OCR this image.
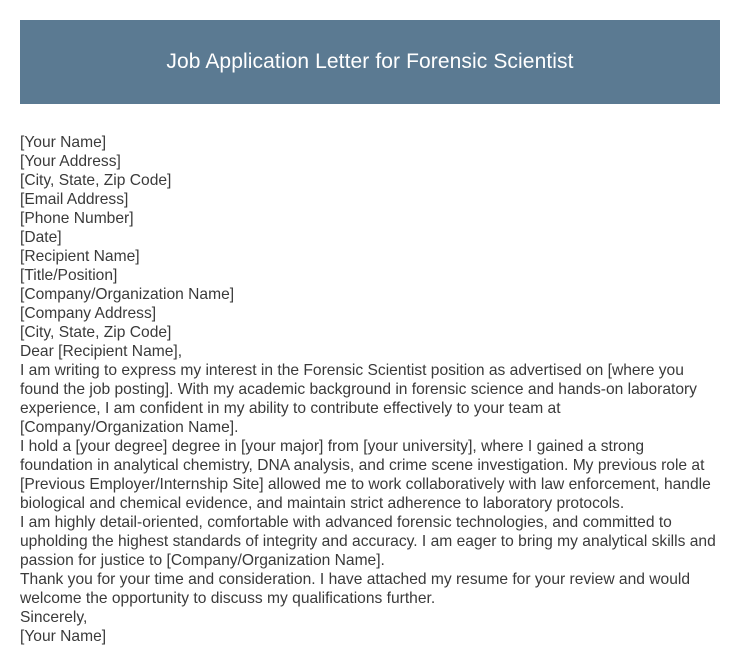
Job Application Letter for Forensic Scientist

[Your Name]

[Your Address]

[City, State, Zip Code]

[Email Address]

[Phone Number]

[Date]

[Recipient Name]

[Title/Position]

[Company/Organization Name]

[Company Address]

[City, State, Zip Code]

Dear [Recipient Name],

I am writing to express my interest in the Forensic Scientist position as advertised on [where you found the job posting]. With my academic background in forensic science and hands-on laboratory experience, I am confident in my ability to contribute effectively to your team at [Company/Organization Name].

I hold a [your degree] degree in [your major] from [your university], where I gained a strong foundation in analytical chemistry, DNA analysis, and crime scene investigation. My previous role at [Previous Employer/Internship Site] allowed me to work collaboratively with law enforcement, handle biological and chemical evidence, and maintain strict adherence to laboratory protocols.

I am highly detail-oriented, comfortable with advanced forensic technologies, and committed to upholding the highest standards of integrity and accuracy. I am eager to bring my analytical skills and passion for justice to [Company/Organization Name].

Thank you for your time and consideration. I have attached my resume for your review and would welcome the opportunity to discuss my qualifications further.

Sincerely,

[Your Name]
